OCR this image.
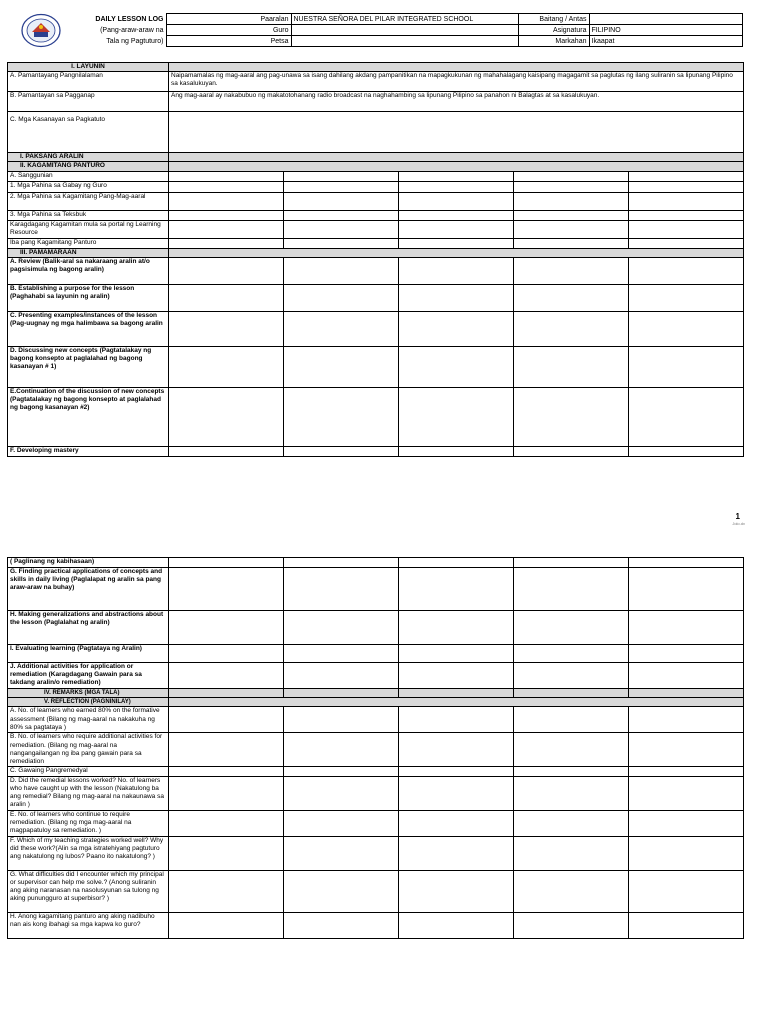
DAILY LESSON LOG	Paaralan	NUESTRA SEÑORA DEL PILAR INTEGRATED SCHOOL	Baitang / Antas	
(Pang-araw-araw na	Guro		Asignatura	FILIPINO
Tala ng Pagtuturo)	Petsa		Markahan	Ikaapat
I. LAYUNIN					
A. Pamantayang Pangnilalaman	Naipamamalas ng mag-aaral ang pag-unawa sa isang dahilang akdang pampanitikan na mapagkukunan ng mahahalagang kaisipang magagamit sa paglutas ng ilang suliranin sa lipunang Pilipino sa kasalukuyan.				
B. Pamantayan sa Pagganap	Ang mag-aaral ay nakabubuo ng makatotohanang radio broadcast na naghahambing sa lipunang Pilipino sa panahon ni Balagtas at sa kasalukuyan.				
C. Mga Kasanayan sa Pagkatuto					
I. PAKSANG ARALIN					
II. KAGAMITANG PANTURO					
A. Sanggunian					
1. Mga Pahina sa Gabay ng Guro					
2. Mga Pahina sa Kagamitang Pang-Mag-aaral					
3. Mga Pahina sa Teksbuk					
Karagdagang Kagamitan mula sa portal ng Learning Resource					
Iba pang Kagamitang Panturo					
III. PAMAMARAAN					
A. Review (Balik-aral sa nakaraang aralin at/o pagsisimula ng bagong aralin)					
B. Establishing a purpose for the lesson (Paghahabi sa layunin ng aralin)					
C. Presenting examples/instances of the lesson (Pag-uugnay ng mga halimbawa sa bagong aralin					
D. Discussing new concepts (Pagtatalakay ng bagong konsepto at paglalahad ng bagong kasanayan # 1)					
E.Continuation of the discussion of new concepts (Pagtatalakay ng bagong konsepto at paglalahad ng bagong kasanayan #2)					
F. Developing mastery					
1
Jolo.dv
( Paglinang ng kabihasaan)					
G. Finding practical applications of concepts and skills in daily living (Paglalapat ng aralin sa pang araw-araw na buhay)					
H. Making generalizations and abstractions about the lesson (Paglalahat ng aralin)					
I. Evaluating learning (Pagtataya ng Aralin)					
J. Additional activities for application or remediation (Karagdagang Gawain para sa takdang aralin/o remediation)					
IV. REMARKS (MGA TALA)					
V. REFLECTION (PAGNINILAY)					
A. No. of learners who earned 80% on the formative assessment (Bilang ng mag-aaral na nakakuha ng 80% sa pagtataya )					
B. No. of learners who require additional activities for remediation. (Bilang ng mag-aaral na nangangailangan ng iba pang gawain para sa remediation					
C. Gawaing Pangremedyal					
D. Did the remedial lessons worked? No. of learners who have caught up with the lesson (Nakatulong ba ang remedial? Bilang ng mag-aaral na nakaunawa sa aralin )					
E. No. of learners who continue to require remediation. (Bilang ng mga mag-aaral na magpapatuloy sa remediation. )					
F. Which of my teaching strategies worked well? Why did these work?(Alin sa mga istratehiyang pagtuturo ang nakatulong ng lubos? Paano ito nakatulong? )					
G. What difficulties did I encounter which my principal or supervisor can help me solve.? (Anong suliranin ang aking naranasan na nasolusyunan sa tulong ng aking punungguro at superbisor? )					
H. Anong kagamitang panturo ang aking nadibuho nan ais kong ibahagi sa mga kapwa ko guro?					
